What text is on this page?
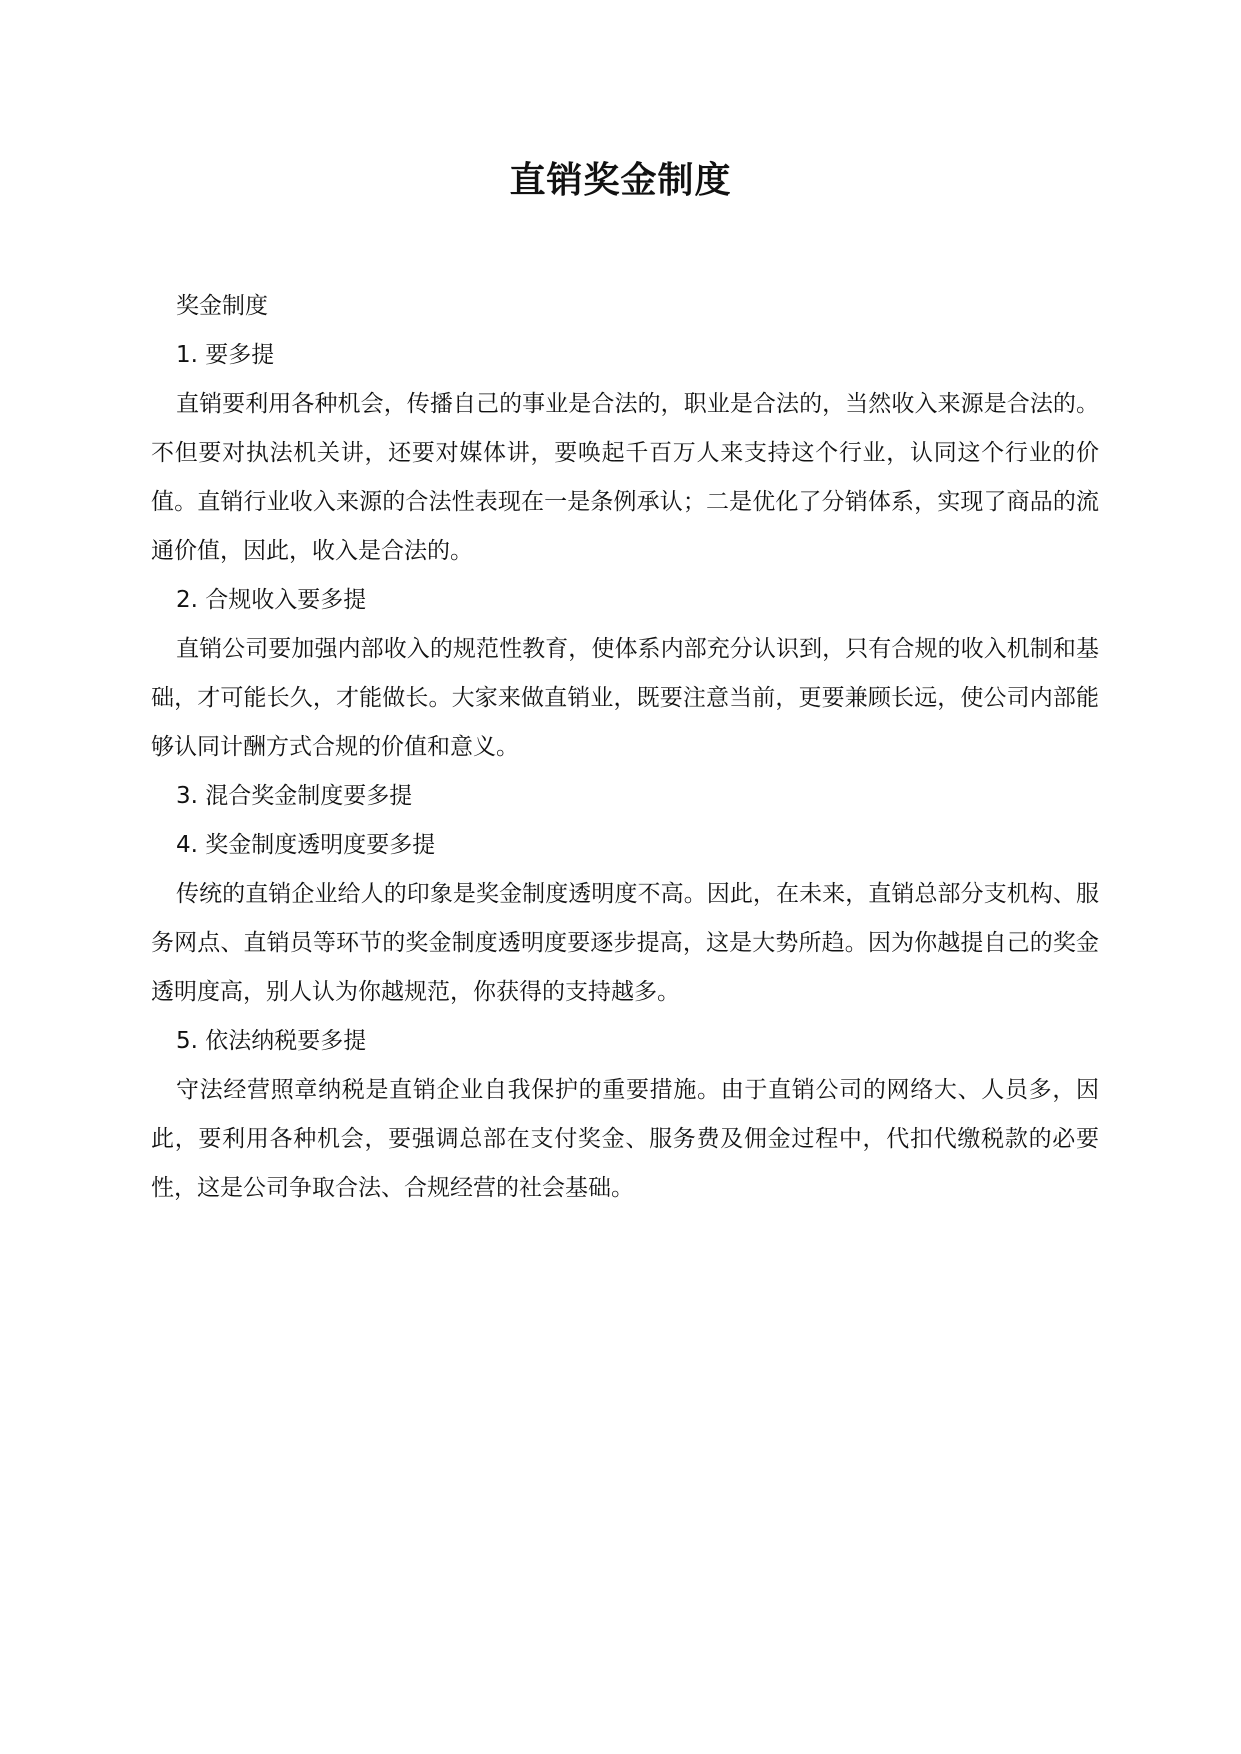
直销奖金制度

奖金制度

1. 要多提

直销要利用各种机会，传播自己的事业是合法的，职业是合法的，当然收入来源是合法的。不但要对执法机关讲，还要对媒体讲，要唤起千百万人来支持这个行业，认同这个行业的价值。直销行业收入来源的合法性表现在一是条例承认；二是优化了分销体系，实现了商品的流通价值，因此，收入是合法的。

2. 合规收入要多提

直销公司要加强内部收入的规范性教育，使体系内部充分认识到，只有合规的收入机制和基础，才可能长久，才能做长。大家来做直销业，既要注意当前，更要兼顾长远，使公司内部能够认同计酬方式合规的价值和意义。

3. 混合奖金制度要多提

4. 奖金制度透明度要多提

传统的直销企业给人的印象是奖金制度透明度不高。因此，在未来，直销总部分支机构、服务网点、直销员等环节的奖金制度透明度要逐步提高，这是大势所趋。因为你越提自己的奖金透明度高，别人认为你越规范，你获得的支持越多。

5. 依法纳税要多提

守法经营照章纳税是直销企业自我保护的重要措施。由于直销公司的网络大、人员多，因此，要利用各种机会，要强调总部在支付奖金、服务费及佣金过程中，代扣代缴税款的必要性，这是公司争取合法、合规经营的社会基础。
